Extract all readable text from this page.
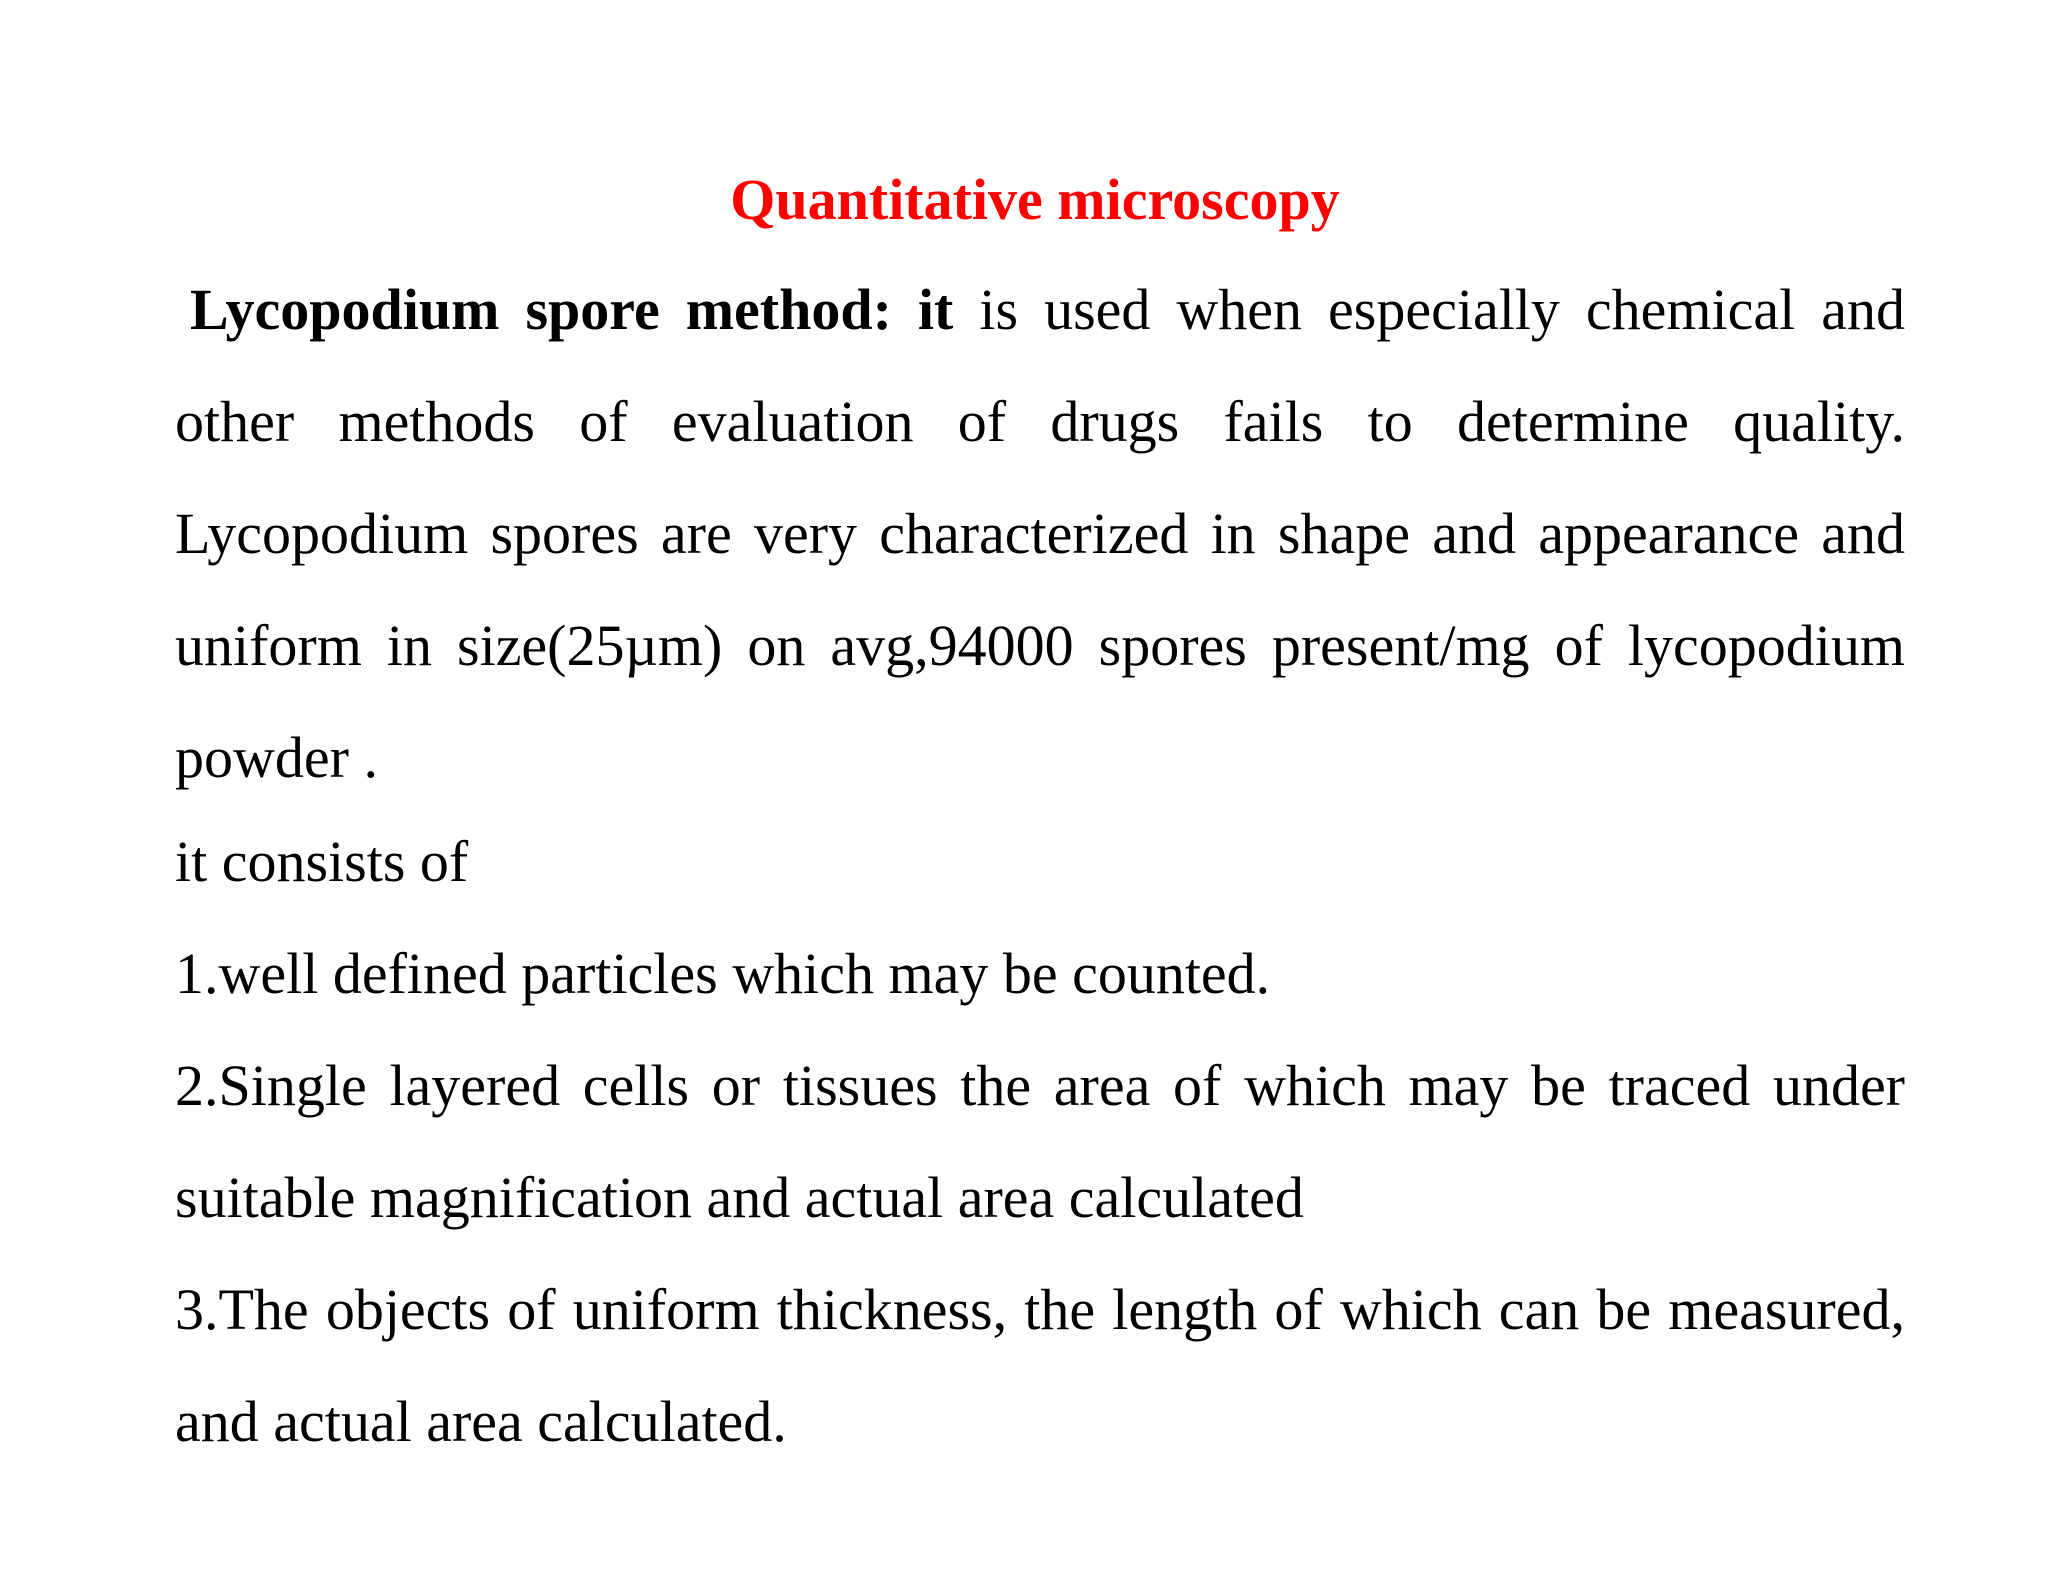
Quantitative microscopy

Lycopodium spore method: it is used when especially chemical and other methods of evaluation of drugs fails to determine quality. Lycopodium spores are very characterized in shape and appearance and uniform in size(25µm) on avg,94000 spores present/mg of lycopodium powder .

it consists of

1.well defined particles which may be counted.

2.Single layered cells or tissues the area of which may be traced under suitable magnification and actual area calculated

3.The objects of uniform thickness, the length of which can be measured, and actual area calculated.
